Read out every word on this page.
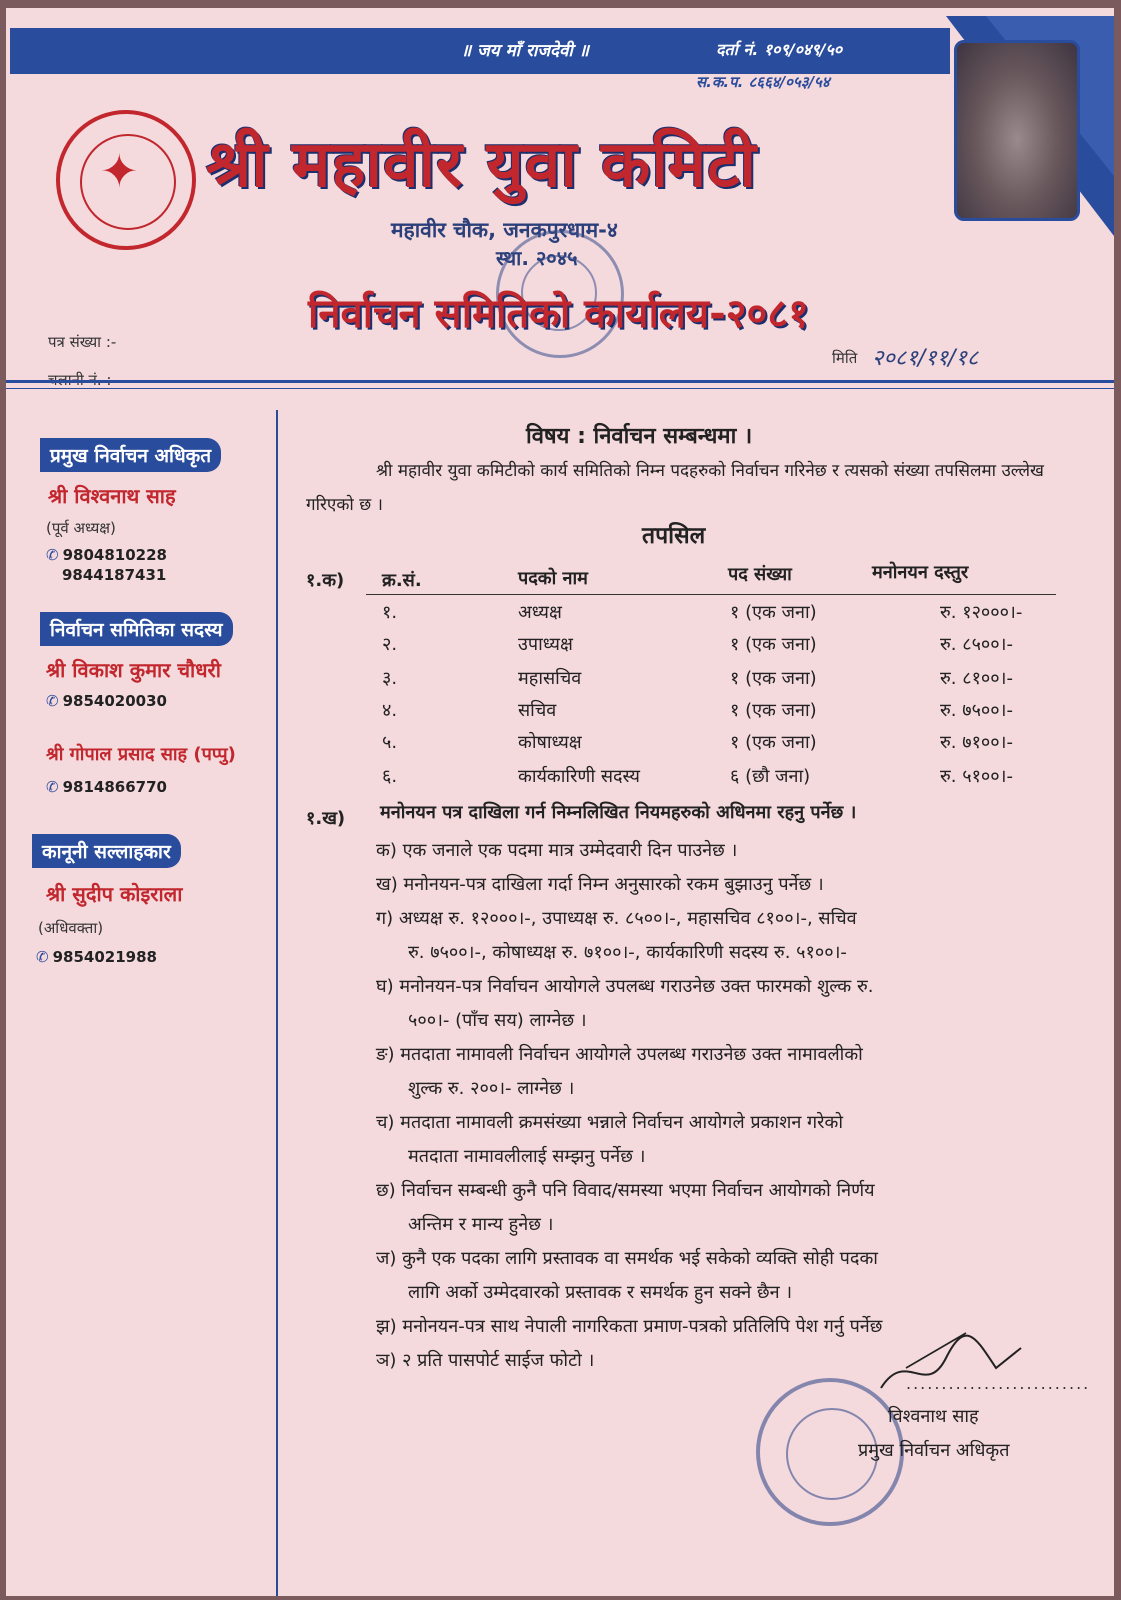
॥ जय माँ राजदेवी ॥	दर्ता नं. १०९/०४९/५०
स.क.प. ८६६४/०५३/५४
✦ श्री महावीर युवा कमिटी
महावीर चौक, जनकपुरधाम-४
स्था. २०४५
निर्वाचन समितिको कार्यालय-२०८१
पत्र संख्या :-
मिति २०८१/११/१८
प्रमुख निर्वाचन अधिकृत
श्री विश्वनाथ साह
(पूर्व अध्यक्ष)
✆ 9804810228
9844187431
निर्वाचन समितिका सदस्य
श्री विकाश कुमार चौधरी
✆ 9854020030
श्री गोपाल प्रसाद साह (पप्पु)
✆ 9814866770
कानूनी सल्लाहकार
श्री सुदीप कोइराला
(अधिवक्ता)
✆ 9854021988
विषय : निर्वाचन सम्बन्धमा ।
श्री महावीर युवा कमिटीको कार्य समितिको निम्न पदहरुको निर्वाचन गरिनेछ र त्यसको संख्या तपसिलमा उल्लेख गरिएको छ ।
तपसिल
१.क) क्र.सं.	पदको नाम	पद संख्या	मनोनयन दस्तुर
१.	अध्यक्ष	१ (एक जना)	रु. १२०००।-
२.	उपाध्यक्ष	१ (एक जना)	रु. ८५००।-
३.	महासचिव	१ (एक जना)	रु. ८१००।-
४.	सचिव	१ (एक जना)	रु. ७५००।-
५.	कोषाध्यक्ष	१ (एक जना)	रु. ७१००।-
६.	कार्यकारिणी सदस्य	६ (छौ जना)	रु. ५१००।-
१.ख) मनोनयन पत्र दाखिला गर्न निम्नलिखित नियमहरुको अधिनमा रहनु पर्नेछ ।
क) एक जनाले एक पदमा मात्र उम्मेदवारी दिन पाउनेछ ।
ख) मनोनयन-पत्र दाखिला गर्दा निम्न अनुसारको रकम बुझाउनु पर्नेछ ।
ग) अध्यक्ष रु. १२०००।-, उपाध्यक्ष रु. ८५००।-, महासचिव ८१००।-, सचिव
रु. ७५००।-, कोषाध्यक्ष रु. ७१००।-, कार्यकारिणी सदस्य रु. ५१००।-
घ) मनोनयन-पत्र निर्वाचन आयोगले उपलब्ध गराउनेछ उक्त फारमको शुल्क रु.
५००।- (पाँच सय) लाग्नेछ ।
ङ) मतदाता नामावली निर्वाचन आयोगले उपलब्ध गराउनेछ उक्त नामावलीको
शुल्क रु. २००।- लाग्नेछ ।
च) मतदाता नामावली क्रमसंख्या भन्नाले निर्वाचन आयोगले प्रकाशन गरेको
मतदाता नामावलीलाई सम्झनु पर्नेछ ।
छ) निर्वाचन सम्बन्धी कुनै पनि विवाद/समस्या भएमा निर्वाचन आयोगको निर्णय
अन्तिम र मान्य हुनेछ ।
ज) कुनै एक पदका लागि प्रस्तावक वा समर्थक भई सकेको व्यक्ति सोही पदका
लागि अर्को उम्मेदवारको प्रस्तावक र समर्थक हुन सक्ने छैन ।
झ) मनोनयन-पत्र साथ नेपाली नागरिकता प्रमाण-पत्रको प्रतिलिपि पेश गर्नु पर्नेछ
ञ) २ प्रति पासपोर्ट साईज फोटो ।
..........................
विश्वनाथ साह
प्रमुख निर्वाचन अधिकृत
